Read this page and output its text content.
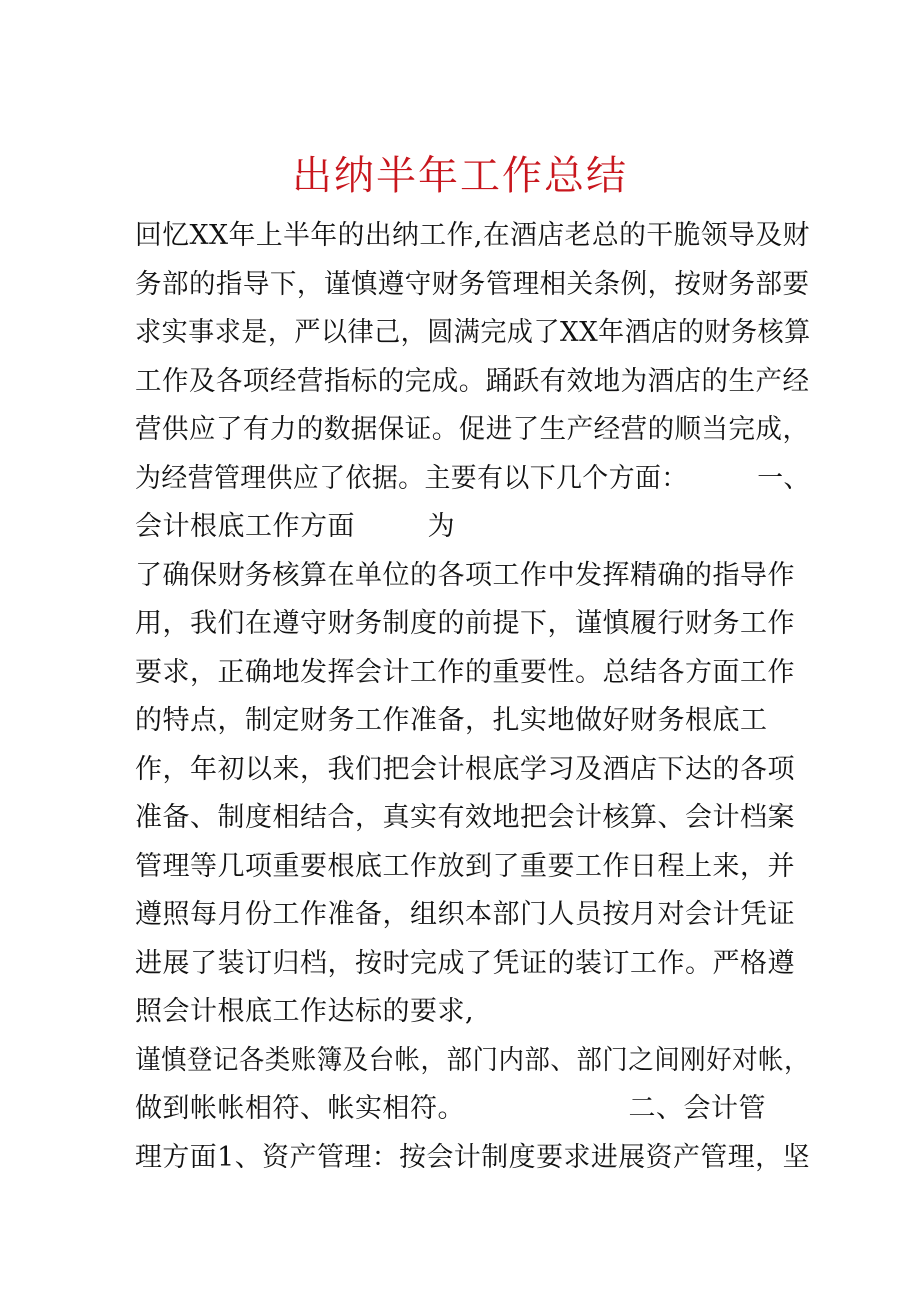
出纳半年工作总结
回忆XX年上半年的出纳工作,在酒店老总的干脆领导及财
务部的指导下，谨慎遵守财务管理相关条例，按财务部要
求实事求是，严以律己，圆满完成了XX年酒店的财务核算
工作及各项经营指标的完成。踊跃有效地为酒店的生产经
营供应了有力的数据保证。促进了生产经营的顺当完成，
为经营管理供应了依据。主要有以下几个方面：        一、
会计根底工作方面        为
了确保财务核算在单位的各项工作中发挥精确的指导作
用，我们在遵守财务制度的前提下，谨慎履行财务工作
要求，正确地发挥会计工作的重要性。总结各方面工作
的特点，制定财务工作准备，扎实地做好财务根底工
作，年初以来，我们把会计根底学习及酒店下达的各项
准备、制度相结合，真实有效地把会计核算、会计档案
管理等几项重要根底工作放到了重要工作日程上来，并
遵照每月份工作准备，组织本部门人员按月对会计凭证
进展了装订归档，按时完成了凭证的装订工作。严格遵
照会计根底工作达标的要求,
谨慎登记各类账簿及台帐，部门内部、部门之间刚好对帐，
做到帐帐相符、帐实相符。                  二、会计管
理方面1、资产管理：按会计制度要求进展资产管理，坚
